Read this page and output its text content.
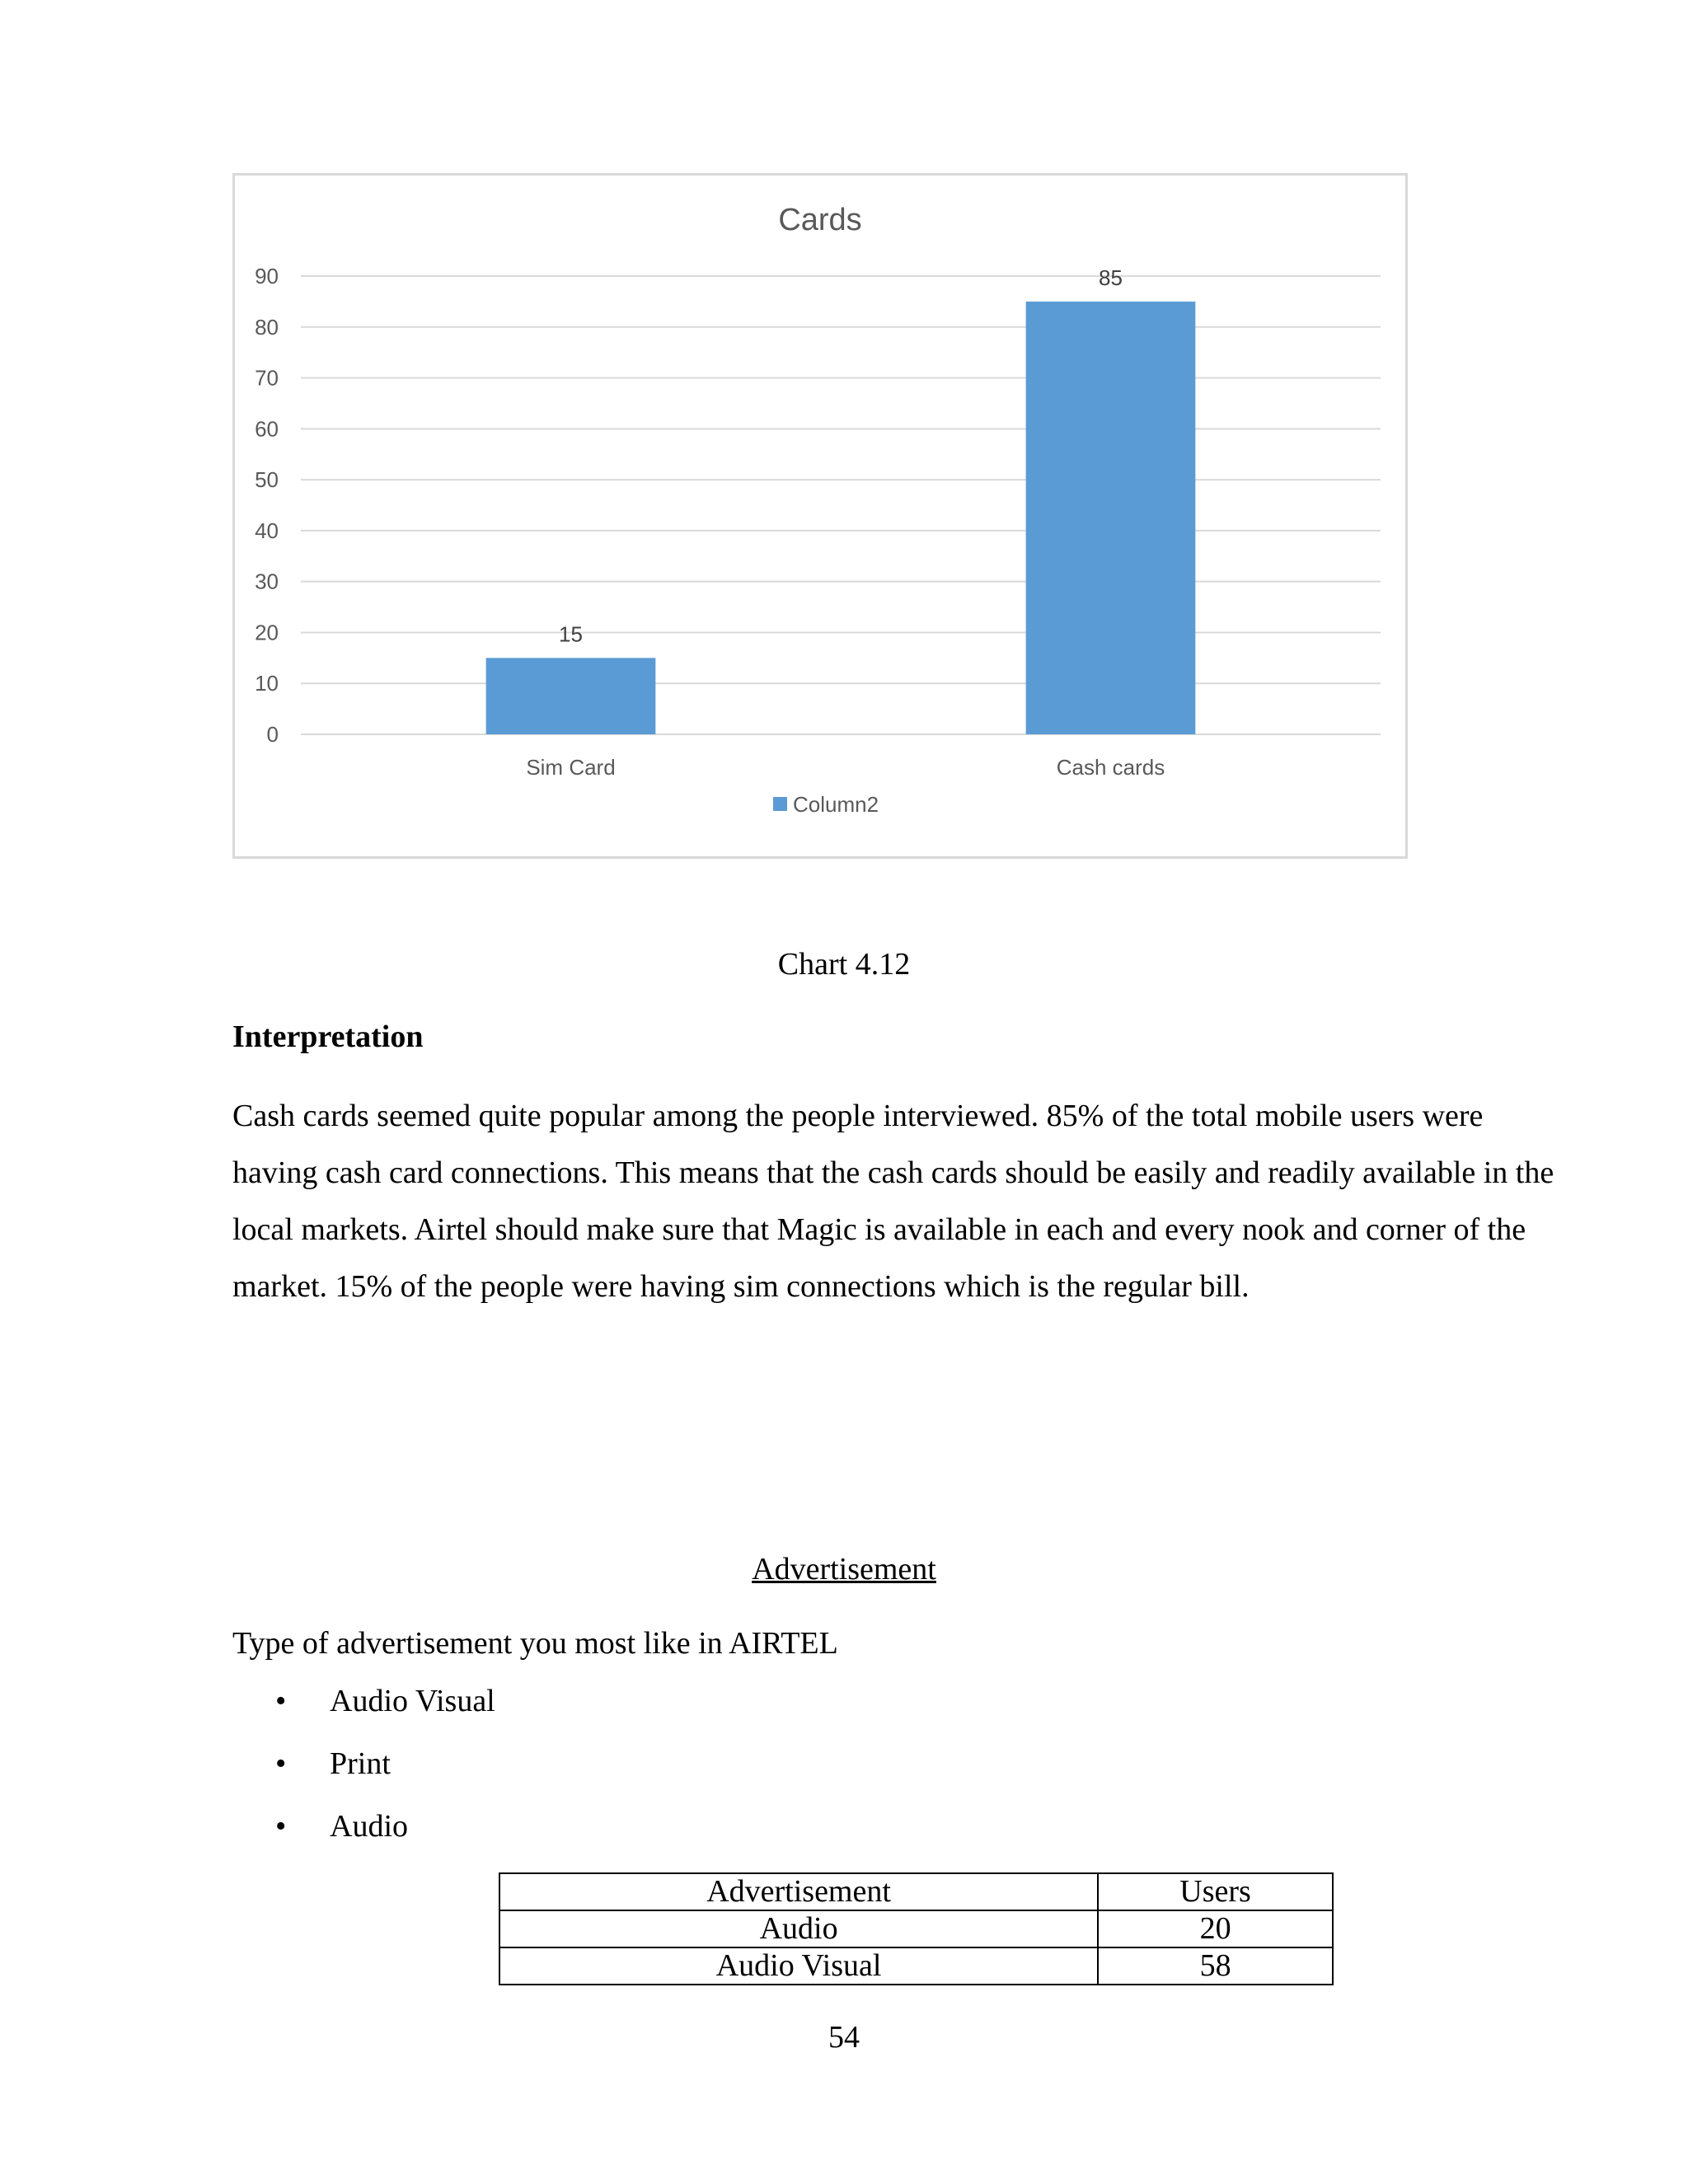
Cards
0
10
20
30
40
50
60
70
80
90
15
Sim Card
85
Cash cards
Column2
Chart 4.12
Interpretation
Cash cards seemed quite popular among the people interviewed. 85% of the total mobile users were having cash card connections. This means that the cash cards should be easily and readily available in the local markets. Airtel should make sure that Magic is available in each and every nook and corner of the market. 15% of the people were having sim connections which is the regular bill.
Advertisement
Type of advertisement you most like in AIRTEL
• Audio Visual
• Print
• Audio
Advertisement	Users
Audio	20
Audio Visual	58
54
